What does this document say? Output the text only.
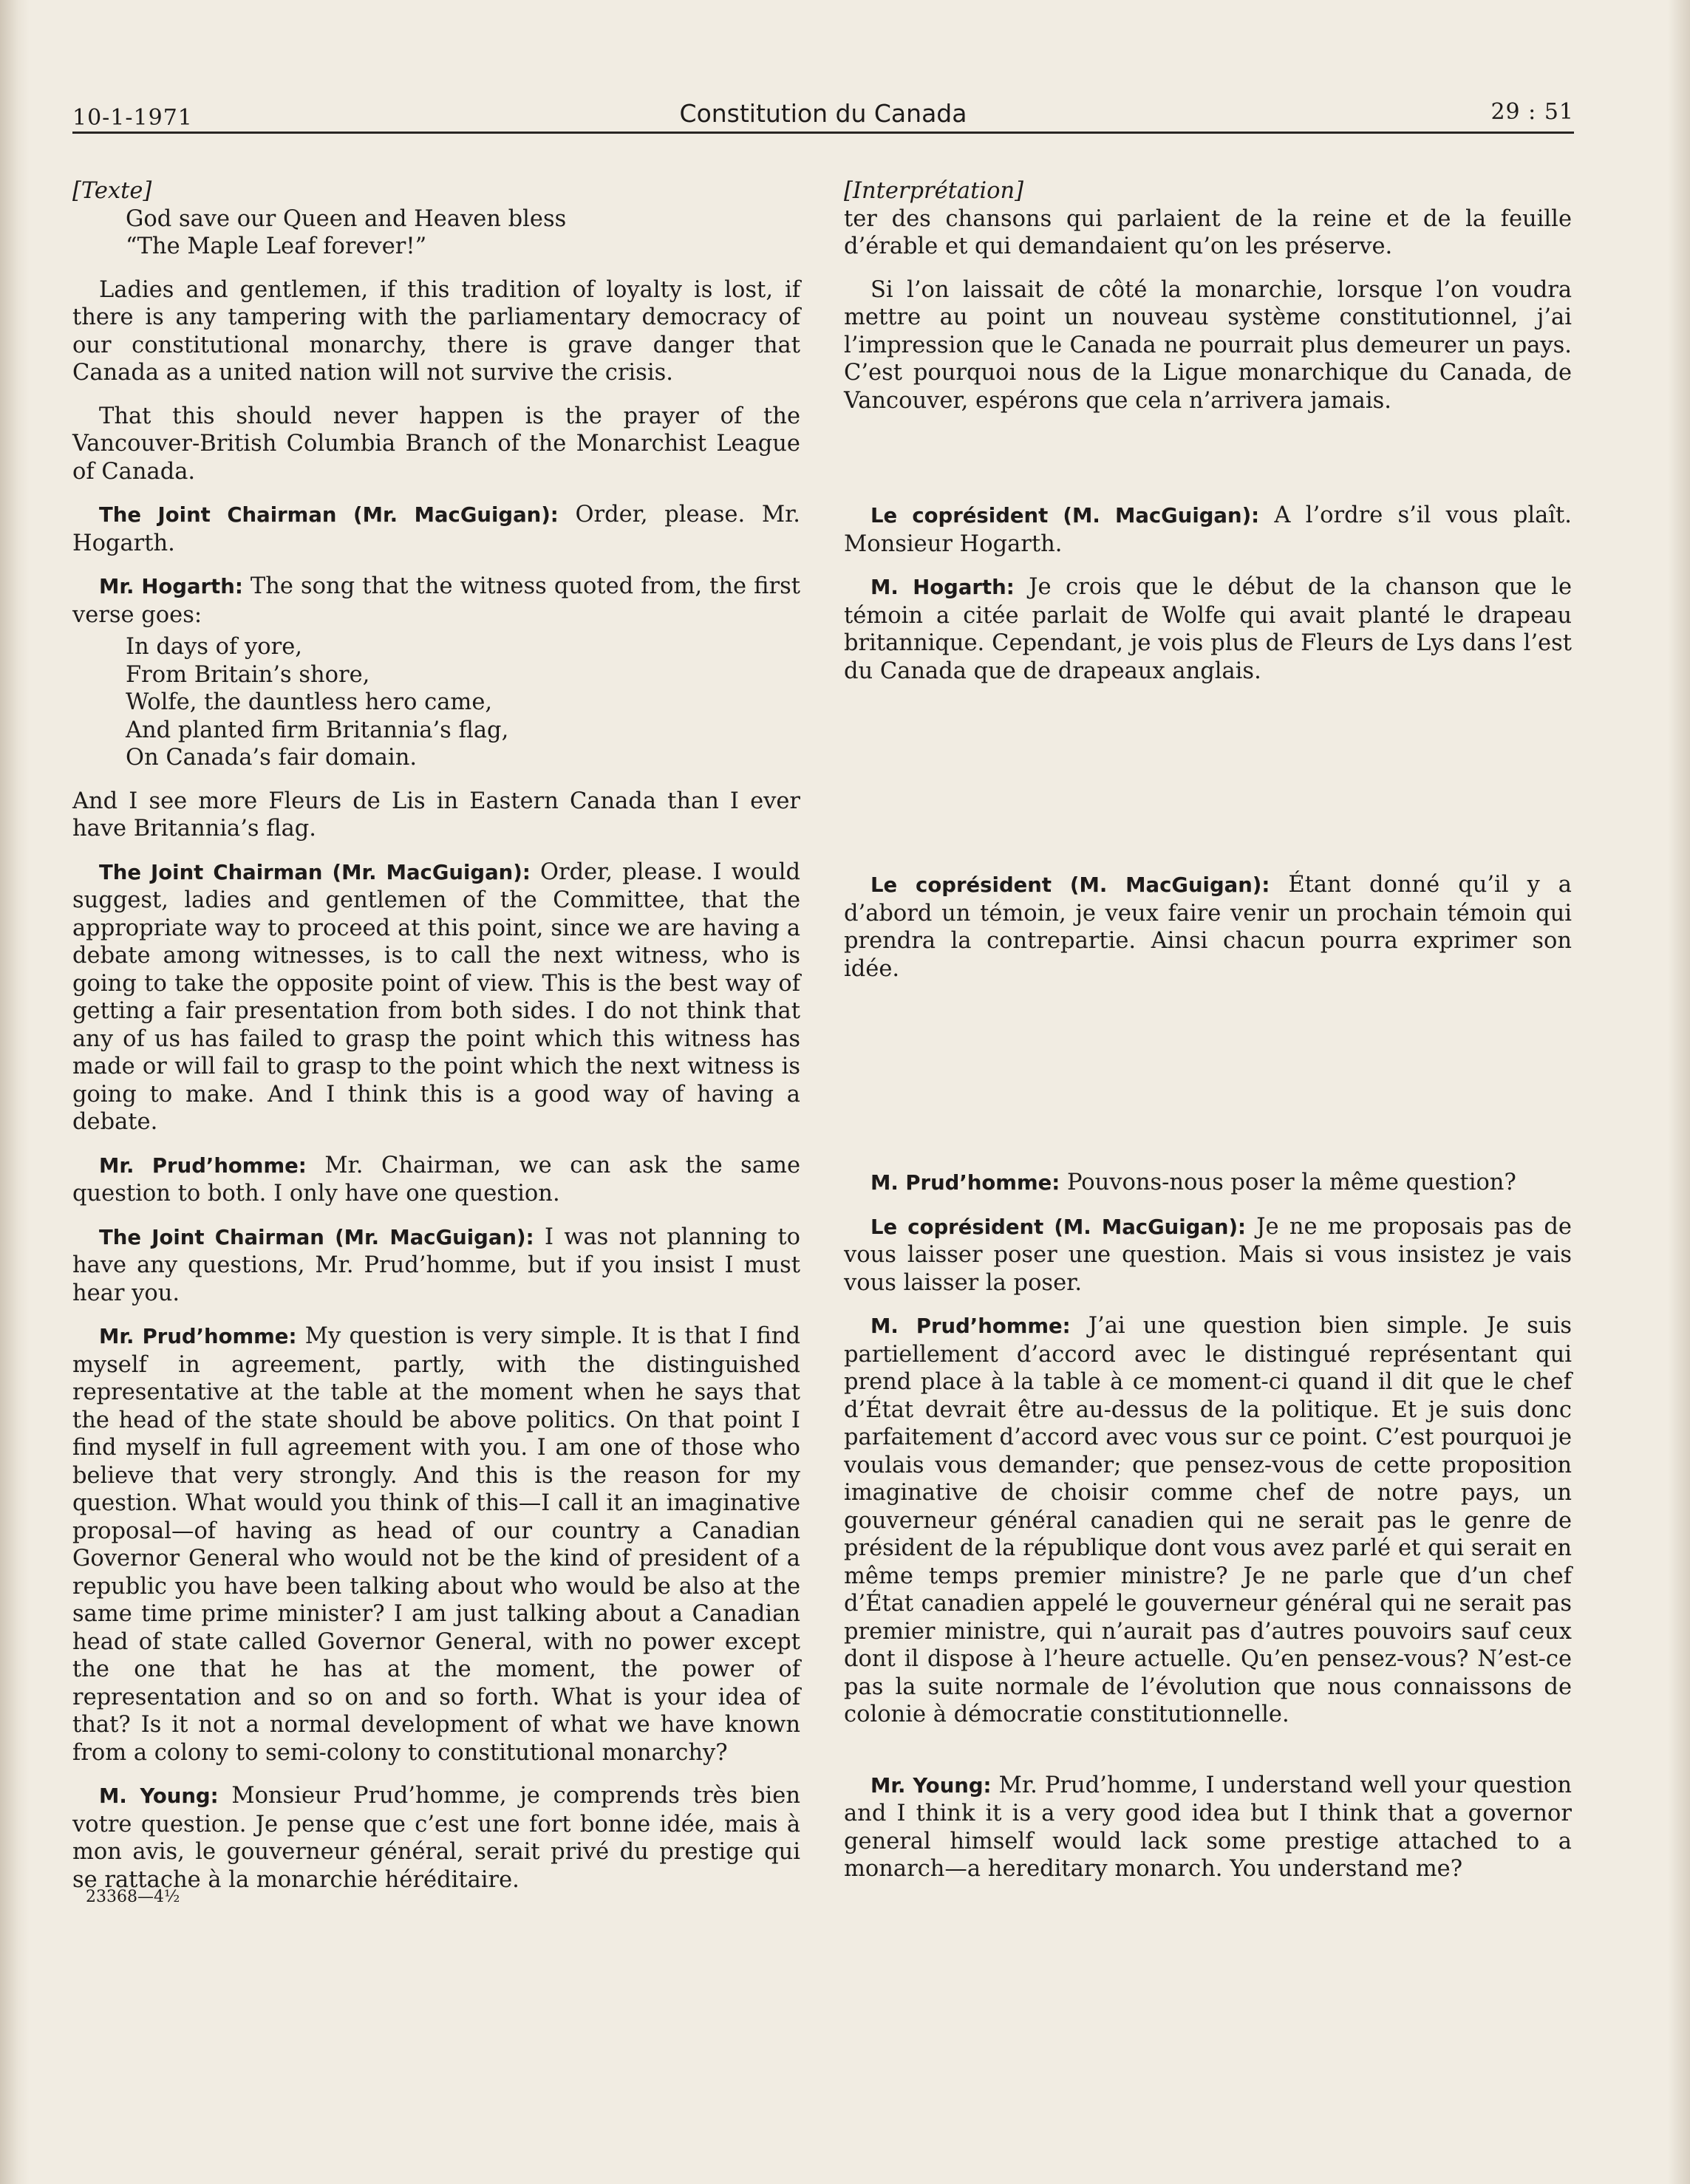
10-1-1971	Constitution du Canada	29 : 51

[Texte]

God save our Queen and Heaven bless
“The Maple Leaf forever!”

Ladies and gentlemen, if this tradition of loyalty is lost, if there is any tampering with the parliamentary democracy of our constitutional monarchy, there is grave danger that Canada as a united nation will not survive the crisis.

That this should never happen is the prayer of the Vancouver-British Columbia Branch of the Monarchist League of Canada.

The Joint Chairman (Mr. MacGuigan): Order, please. Mr. Hogarth.

Mr. Hogarth: The song that the witness quoted from, the first verse goes:

In days of yore,
From Britain’s shore,
Wolfe, the dauntless hero came,
And planted firm Britannia’s flag,
On Canada’s fair domain.

And I see more Fleurs de Lis in Eastern Canada than I ever have Britannia’s flag.

The Joint Chairman (Mr. MacGuigan): Order, please. I would suggest, ladies and gentlemen of the Committee, that the appropriate way to proceed at this point, since we are having a debate among witnesses, is to call the next witness, who is going to take the opposite point of view. This is the best way of getting a fair presentation from both sides. I do not think that any of us has failed to grasp the point which this witness has made or will fail to grasp to the point which the next witness is going to make. And I think this is a good way of having a debate.

Mr. Prud’homme: Mr. Chairman, we can ask the same question to both. I only have one question.

The Joint Chairman (Mr. MacGuigan): I was not planning to have any questions, Mr. Prud’homme, but if you insist I must hear you.

Mr. Prud’homme: My question is very simple. It is that I find myself in agreement, partly, with the distinguished representative at the table at the moment when he says that the head of the state should be above politics. On that point I find myself in full agreement with you. I am one of those who believe that very strongly. And this is the reason for my question. What would you think of this—I call it an imaginative proposal—of having as head of our country a Canadian Governor General who would not be the kind of president of a republic you have been talking about who would be also at the same time prime minister? I am just talking about a Canadian head of state called Governor General, with no power except the one that he has at the moment, the power of representation and so on and so forth. What is your idea of that? Is it not a normal development of what we have known from a colony to semi-colony to constitutional monarchy?

M. Young: Monsieur Prud’homme, je comprends très bien votre question. Je pense que c’est une fort bonne idée, mais à mon avis, le gouverneur général, serait privé du prestige qui se rattache à la monarchie héréditaire.

23368—4½

[Interprétation]

ter des chansons qui parlaient de la reine et de la feuille d’érable et qui demandaient qu’on les préserve.

Si l’on laissait de côté la monarchie, lorsque l’on voudra mettre au point un nouveau système constitutionnel, j’ai l’impression que le Canada ne pourrait plus demeurer un pays. C’est pourquoi nous de la Ligue monarchique du Canada, de Vancouver, espérons que cela n’arrivera jamais.

Le coprésident (M. MacGuigan): A l’ordre s’il vous plaît. Monsieur Hogarth.

M. Hogarth: Je crois que le début de la chanson que le témoin a citée parlait de Wolfe qui avait planté le drapeau britannique. Cependant, je vois plus de Fleurs de Lys dans l’est du Canada que de drapeaux anglais.

Le coprésident (M. MacGuigan): Étant donné qu’il y a d’abord un témoin, je veux faire venir un prochain témoin qui prendra la contrepartie. Ainsi chacun pourra exprimer son idée.

M. Prud’homme: Pouvons-nous poser la même question?

Le coprésident (M. MacGuigan): Je ne me proposais pas de vous laisser poser une question. Mais si vous insistez je vais vous laisser la poser.

M. Prud’homme: J’ai une question bien simple. Je suis partiellement d’accord avec le distingué représentant qui prend place à la table à ce moment-ci quand il dit que le chef d’État devrait être au-dessus de la politique. Et je suis donc parfaitement d’accord avec vous sur ce point. C’est pourquoi je voulais vous demander; que pensez-vous de cette proposition imaginative de choisir comme chef de notre pays, un gouverneur général canadien qui ne serait pas le genre de président de la république dont vous avez parlé et qui serait en même temps premier ministre? Je ne parle que d’un chef d’État canadien appelé le gouverneur général qui ne serait pas premier ministre, qui n’aurait pas d’autres pouvoirs sauf ceux dont il dispose à l’heure actuelle. Qu’en pensez-vous? N’est-ce pas la suite normale de l’évolution que nous connaissons de colonie à démocratie constitutionnelle.

Mr. Young: Mr. Prud’homme, I understand well your question and I think it is a very good idea but I think that a governor general himself would lack some prestige attached to a monarch—a hereditary monarch. You understand me?
